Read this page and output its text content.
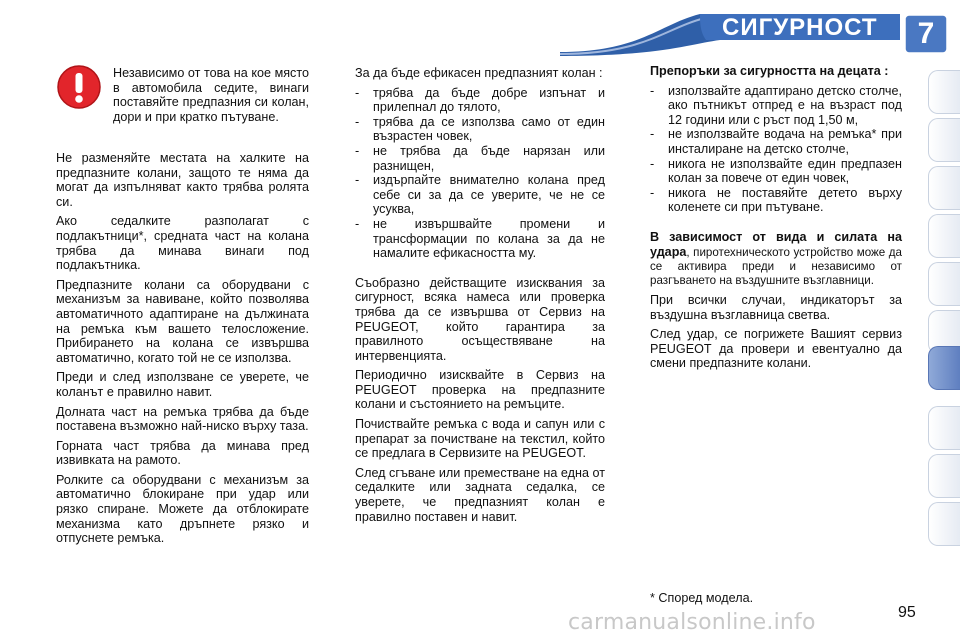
СИГУРНОСТ	7

Независимо от това на кое място в автомобила седите, винаги поставяйте предпазния си колан, дори и при кратко пътуване.

Не разменяйте местата на халкитe на предпазните колани, защото те няма да могат да изпълняват както трябва ролята си.

Ако седалките разполагат с подлакътници*, средната част на колана трябва да минава винаги под подлакътника.

Предпазните колани са оборудвани с механизъм за навиване, който позволява автоматичното адаптиране на дължината на ремъка към вашето телосложение. Прибирането на колана се извършва автоматично, когато той не се използва.

Преди и след използване се уверете, че коланът е правилно навит.

Долната част на ремъка трябва да бъде поставена възможно най-ниско върху таза.

Горната част трябва да минава пред извивката на рамото.

Ролките са оборудвани с механизъм за автоматично блокиране при удар или рязко спиране. Можете да отблокирате механизма като дръпнете рязко и отпуснете ремъка.

За да бъде ефикасен предпазният колан :

- трябва да бъде добре изпънат и прилепнал до тялото,
- трябва да се използва само от един възрастен човек,
- не трябва да бъде нарязан или разнищен,
- издърпайте внимателно колана пред себе си за да се уверите, че не се усуква,
- не извършвайте промени и трансформации по колана за да не намалите ефикасността му.

Съобразно действащите изисквания за сигурност, всяка намеса или проверка трябва да се извършва от Сервиз на PEUGEOT, който гарантира за правилното осъществяване на интервенцията.

Периодично изисквайте в Сервиз на PEUGEOT проверка на предпазните колани и състоянието на ремъците.

Почиствайте ремъка с вода и сапун или с препарат за почистване на текстил, който се предлага в Сервизите на PEUGEOT.

След сгъване или преместване на една от седалките или задната седалка, се уверете, че предпазният колан е правилно поставен и навит.

Препоръки за сигурността на децата :
- използвайте адаптирано детско столче, ако пътникът отпред е на възраст под 12 години или с ръст под 1,50 м,
- не използвайте водача на ремъка* при инсталиране на детско столче,
- никога не използвайте един предпазен колан за повече от един човек,
- никога не поставяйте детето върху коленете си при пътуване.

В зависимост от вида и силата на удара, пиротехническото устройство може да се активира преди и независимо от разгъването на въздушните възглавници.

При всички случаи, индикаторът за въздушна възглавница светва.

След удар, се погрижете Вашият сервиз PEUGEOT да провери и евентуално да смени предпазните колани.

* Според модела.
carmanualsonline.info	95
